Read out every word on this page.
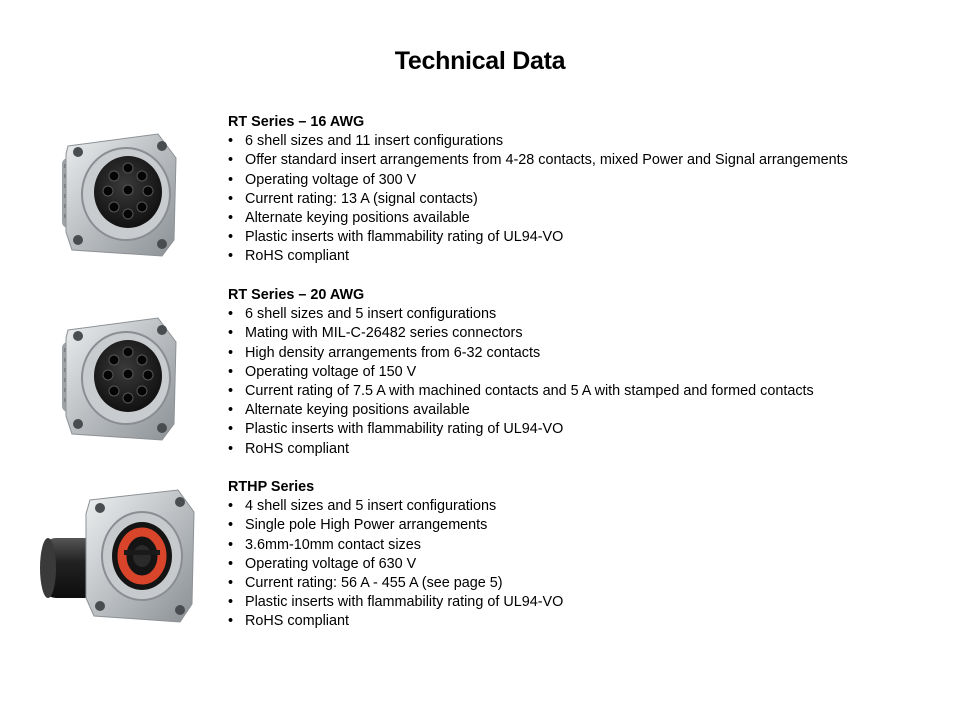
Technical Data
RT Series – 16 AWG
• 6 shell sizes and 11 insert configurations
• Offer standard insert arrangements from 4-28 contacts, mixed Power and Signal arrangements
• Operating voltage of 300 V
• Current rating: 13 A (signal contacts)
• Alternate keying positions available
• Plastic inserts with flammability rating of UL94-VO
• RoHS compliant
RT Series – 20 AWG
• 6 shell sizes and 5 insert configurations
• Mating with MIL-C-26482 series connectors
• High density arrangements from 6-32 contacts
• Operating voltage of 150 V
• Current rating of 7.5 A with machined contacts and 5 A with stamped and formed contacts
• Alternate keying positions available
• Plastic inserts with flammability rating of UL94-VO
• RoHS compliant
RTHP Series
• 4 shell sizes and 5 insert configurations
• Single pole High Power arrangements
• 3.6mm-10mm contact sizes
• Operating voltage of 630 V
• Current rating: 56 A - 455 A (see page 5)
• Plastic inserts with flammability rating of UL94-VO
• RoHS compliant
